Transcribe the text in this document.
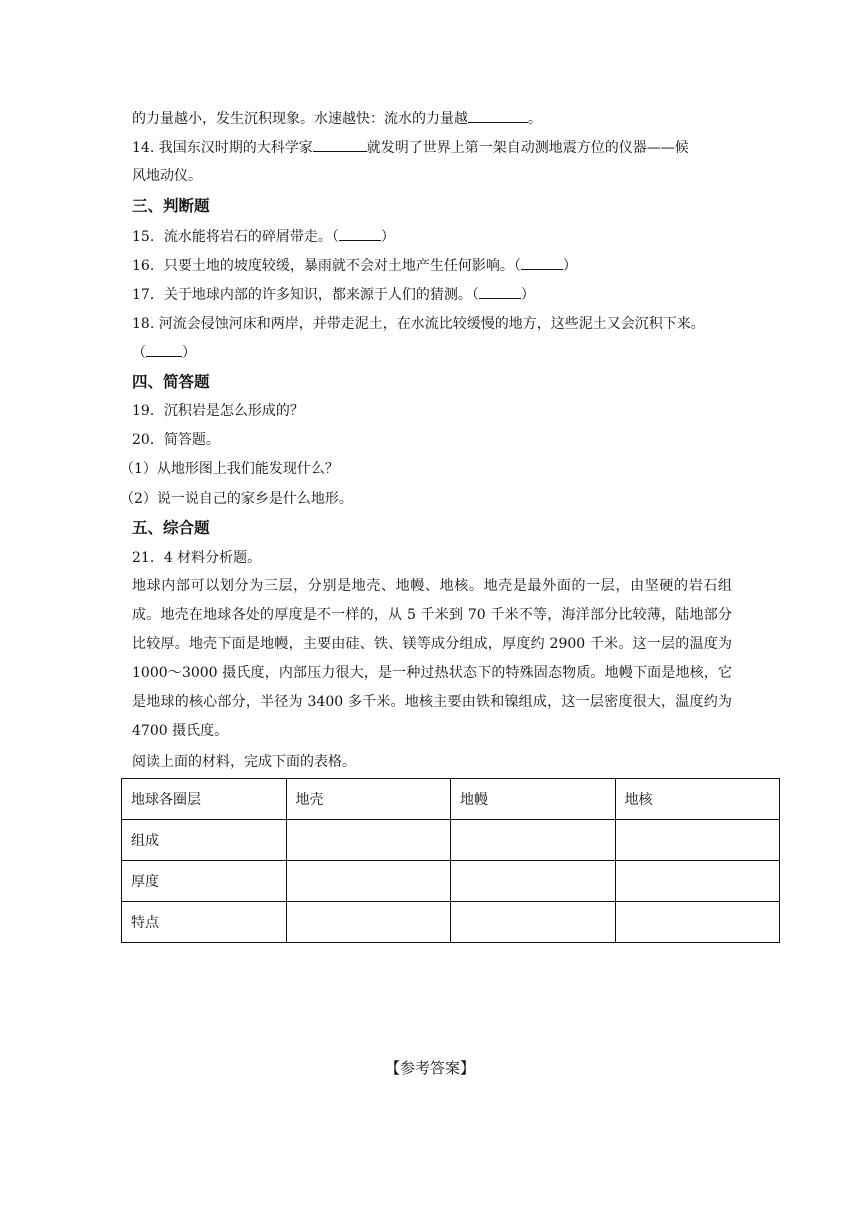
的力量越小，发生沉积现象。水速越快：流水的力量越	。
14. 我国东汉时期的大科学家	就发明了世界上第一架自动测地震方位的仪器——候
风地动仪。
三、判断题
15．流水能将岩石的碎屑带走。（	）
16．只要土地的坡度较缓，暴雨就不会对土地产生任何影响。（	）
17．关于地球内部的许多知识，都来源于人们的猜测。（	）
18. 河流会侵蚀河床和两岸，并带走泥土，在水流比较缓慢的地方，这些泥土又会沉积下来。
（	）
四、简答题
19．沉积岩是怎么形成的？
20．简答题。
（1）从地形图上我们能发现什么？
（2）说一说自己的家乡是什么地形。
五、综合题
21．4 材料分析题。
地球内部可以划分为三层，分别是地壳、地幔、地核。地壳是最外面的一层，由坚硬的岩石组成。地壳在地球各处的厚度是不一样的，从 5 千米到 70 千米不等，海洋部分比较薄，陆地部分比较厚。地壳下面是地幔，主要由硅、铁、镁等成分组成，厚度约 2900 千米。这一层的温度为 1000～3000 摄氏度，内部压力很大，是一种过热状态下的特殊固态物质。地幔下面是地核，它是地球的核心部分，半径为 3400 多千米。地核主要由铁和镍组成，这一层密度很大，温度约为 4700 摄氏度。
阅读上面的材料，完成下面的表格。
地球各圈层	地壳	地幔	地核
组成			
厚度			
特点			
【参考答案】
